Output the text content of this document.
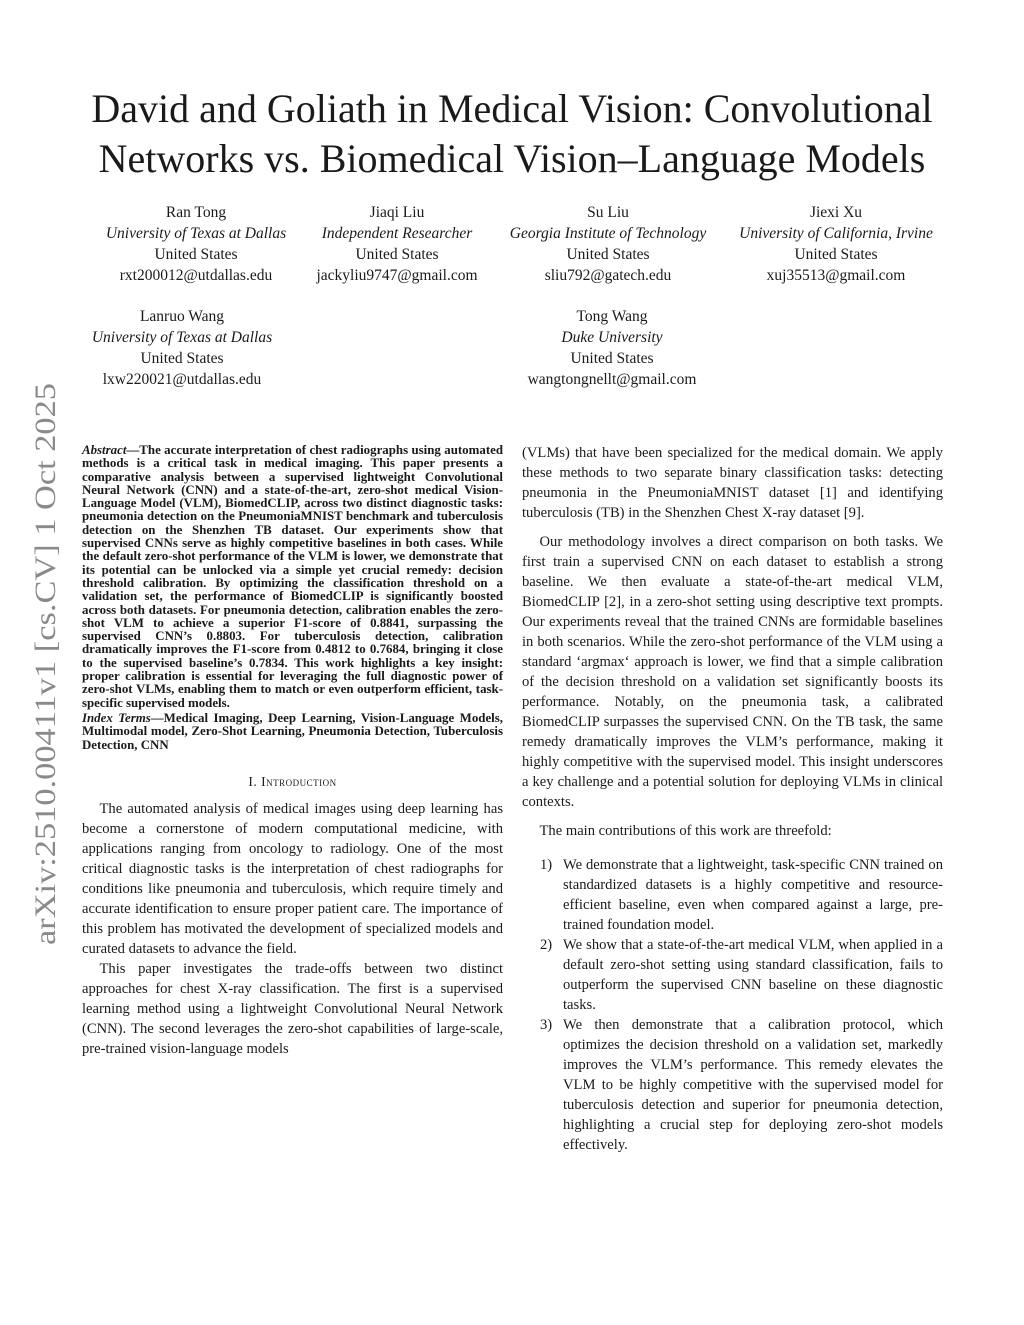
arXiv:2510.00411v1 [cs.CV] 1 Oct 2025
David and Goliath in Medical Vision: Convolutional
Networks vs. Biomedical Vision–Language Models
Ran Tong
University of Texas at Dallas
United States
rxt200012@utdallas.edu
Jiaqi Liu
Independent Researcher
United States
jackyliu9747@gmail.com
Su Liu
Georgia Institute of Technology
United States
sliu792@gatech.edu
Jiexi Xu
University of California, Irvine
United States
xuj35513@gmail.com
Lanruo Wang
University of Texas at Dallas
United States
lxw220021@utdallas.edu
Tong Wang
Duke University
United States
wangtongnellt@gmail.com

Abstract—The accurate interpretation of chest radiographs using automated methods is a critical task in medical imaging. This paper presents a comparative analysis between a supervised lightweight Convolutional Neural Network (CNN) and a state-of-the-art, zero-shot medical Vision-Language Model (VLM), BiomedCLIP, across two distinct diagnostic tasks: pneumonia detection on the PneumoniaMNIST benchmark and tuberculosis detection on the Shenzhen TB dataset. Our experiments show that supervised CNNs serve as highly competitive baselines in both cases. While the default zero-shot performance of the VLM is lower, we demonstrate that its potential can be unlocked via a simple yet crucial remedy: decision threshold calibration. By optimizing the classification threshold on a validation set, the performance of BiomedCLIP is significantly boosted across both datasets. For pneumonia detection, calibration enables the zero-shot VLM to achieve a superior F1-score of 0.8841, surpassing the supervised CNN’s 0.8803. For tuberculosis detection, calibration dramatically improves the F1-score from 0.4812 to 0.7684, bringing it close to the supervised baseline’s 0.7834. This work highlights a key insight: proper calibration is essential for leveraging the full diagnostic power of zero-shot VLMs, enabling them to match or even outperform efficient, task-specific supervised models.

Index Terms—Medical Imaging, Deep Learning, Vision-Language Models, Multimodal model, Zero-Shot Learning, Pneumonia Detection, Tuberculosis Detection, CNN

I. Introduction

The automated analysis of medical images using deep learning has become a cornerstone of modern computational medicine, with applications ranging from oncology to radiology. One of the most critical diagnostic tasks is the interpretation of chest radiographs for conditions like pneumonia and tuberculosis, which require timely and accurate identification to ensure proper patient care. The importance of this problem has motivated the development of specialized models and curated datasets to advance the field.

This paper investigates the trade-offs between two distinct approaches for chest X-ray classification. The first is a supervised learning method using a lightweight Convolutional Neural Network (CNN). The second leverages the zero-shot capabilities of large-scale, pre-trained vision-language models

(VLMs) that have been specialized for the medical domain. We apply these methods to two separate binary classification tasks: detecting pneumonia in the PneumoniaMNIST dataset [1] and identifying tuberculosis (TB) in the Shenzhen Chest X-ray dataset [9].

Our methodology involves a direct comparison on both tasks. We first train a supervised CNN on each dataset to establish a strong baseline. We then evaluate a state-of-the-art medical VLM, BiomedCLIP [2], in a zero-shot setting using descriptive text prompts. Our experiments reveal that the trained CNNs are formidable baselines in both scenarios. While the zero-shot performance of the VLM using a standard ‘argmax‘ approach is lower, we find that a simple calibration of the decision threshold on a validation set significantly boosts its performance. Notably, on the pneumonia task, a calibrated BiomedCLIP surpasses the supervised CNN. On the TB task, the same remedy dramatically improves the VLM’s performance, making it highly competitive with the supervised model. This insight underscores a key challenge and a potential solution for deploying VLMs in clinical contexts.

The main contributions of this work are threefold:

1) We demonstrate that a lightweight, task-specific CNN trained on standardized datasets is a highly competitive and resource-efficient baseline, even when compared against a large, pre-trained foundation model.
2) We show that a state-of-the-art medical VLM, when applied in a default zero-shot setting using standard classification, fails to outperform the supervised CNN baseline on these diagnostic tasks.
3) We then demonstrate that a calibration protocol, which optimizes the decision threshold on a validation set, markedly improves the VLM’s performance. This remedy elevates the VLM to be highly competitive with the supervised model for tuberculosis detection and superior for pneumonia detection, highlighting a crucial step for deploying zero-shot models effectively.
